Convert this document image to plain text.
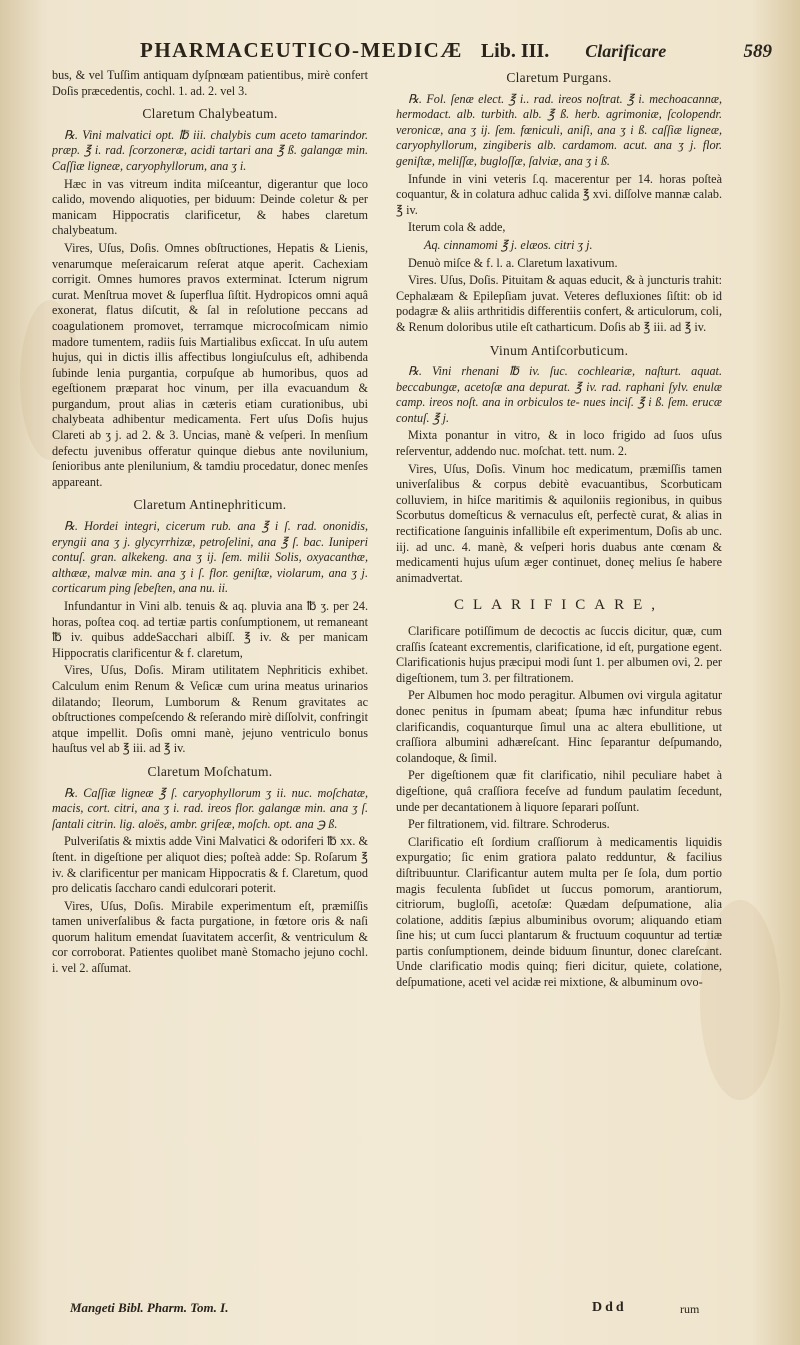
PHARMACEUTICO-MEDICÆ Lib. III. Clarificare	589

bus, & vel Tuſſim antiquam dyſpnœam patientibus, mirè confert Doſis præcedentis, cochl. 1. ad. 2. vel 3.

Claretum Chalybeatum.

℞. Vini malvatici opt. ℔ iii. chalybis cum aceto tamarindor. præp. ℥ i. rad. ſcorzoneræ, acidi tartari ana ℥ ß. galangæ min. Caſſiæ ligneæ, caryophyllorum, ana ʒ i.

Hæc in vas vitreum indita miſceantur, digerantur que loco calido, movendo aliquoties, per biduum: Deinde coletur & per manicam Hippocratis clarificetur, & habes claretum chalybeatum.

Vires, Uſus, Doſis. Omnes obſtructiones, Hepatis & Lienis, venarumque meſeraicarum reſerat atque aperit. Cachexiam corrigit. Omnes humores pravos exterminat. Icterum nigrum curat. Menſtrua movet & ſuperflua ſiſtit. Hydropicos omni aquâ exonerat, flatus diſcutit, & ſal in reſolutione peccans ad coagulationem promovet, terramque microcoſmicam nimio madore tumentem, radiis ſuis Martialibus exſiccat. In uſu autem hujus, qui in dictis illis affectibus longiuſculus eſt, adhibenda ſubinde lenia purgantia, corpuſque ab humoribus, quos ad egeſtionem præparat hoc vinum, per illa evacuandum & purgandum, prout alias in cæteris etiam curationibus, ubi chalybeata adhibentur medicamenta. Fert uſus Doſis hujus Clareti ab ʒ j. ad 2. & 3. Uncias, manè & veſperi. In menſium defectu juvenibus offeratur quinque diebus ante novilunium, ſenioribus ante plenilunium, & tamdiu procedatur, donec menſes appareant.

Claretum Antinephriticum.

℞. Hordei integri, cicerum rub. ana ℥ i ſ. rad. ononidis, eryngii ana ʒ j. glycyrrhizæ, petroſelini, ana ℥ ſ. bac. Iuniperi contuſ. gran. alkekeng. ana ʒ ij. ſem. milii Solis, oxyacanthæ, althææ, malvæ min. ana ʒ i ſ. flor. geniſtæ, violarum, ana ʒ j. corticarum ping ſebeſten, ana nu. ii.

Infundantur in Vini alb. tenuis & aq. pluvia ana ℔ ʒ. per 24. horas, poſtea coq. ad tertiæ partis conſumptionem, ut remaneant ℔ iv. quibus addeSacchari albiſſ. ℥ iv. & per manicam Hippocratis clarificentur & f. claretum,

Vires, Uſus, Doſis. Miram utilitatem Nephriticis exhibet. Calculum enim Renum & Veſicæ cum urina meatus urinarios dilatando; Ileorum, Lumborum & Renum gravitates ac obſtructiones compeſcendo & reſerando mirè diſſolvit, confringit atque impellit. Doſis omni manè, jejuno ventriculo bonus hauſtus vel ab ℥ iii. ad ℥ iv.

Claretum Moſchatum.

℞. Caſſiæ ligneæ ℥ ſ. caryophyllorum ʒ ii. nuc. moſchatæ, macis, cort. citri, ana ʒ i. rad. ireos flor. galangæ min. ana ʒ ſ. ſantali citrin. lig. aloës, ambr. griſeæ, moſch. opt. ana ℈ ß.

Pulveriſatis & mixtis adde Vini Malvatici & odoriferi ℔ xx. & ſtent. in digeſtione per aliquot dies; poſteà adde: Sp. Roſarum ℥ iv. & clarificentur per manicam Hippocratis & f. Claretum, quod pro delicatis ſaccharo candi edulcorari poterit.

Vires, Uſus, Doſis. Mirabile experimentum eſt, præmiſſis tamen univerſalibus & facta purgatione, in fœtore oris & naſi quorum halitum emendat ſuavitatem accerſit, & ventriculum & cor corroborat. Patientes quolibet manè Stomacho jejuno cochl. i. vel 2. aſſumat.

Claretum Purgans.

℞. Fol. ſenæ elect. ℥ i.. rad. ireos noſtrat. ℥ i. mechoacannæ, hermodact. alb. turbith. alb. ℥ ß. herb. agrimoniæ, ſcolopendr. veronicæ, ana ʒ ij. ſem. fœniculi, aniſi, ana ʒ i ß. caſſiæ ligneæ, caryophyllorum, zingiberis alb. cardamom. acut. ana ʒ j. flor. geniſtæ, meliſſæ, bugloſſæ, ſalviæ, ana ʒ i ß.

Infunde in vini veteris ſ.q. macerentur per 14. horas poſteà coquantur, & in colatura adhuc calida ℥ xvi. diſſolve mannæ calab. ℥ iv.

Iterum cola & adde,

Aq. cinnamomi ℥ j. elæos. citri ʒ j.

Denuò miſce & f. l. a. Claretum laxativum.

Vires. Uſus, Doſis. Pituitam & aquas educit, & à juncturis trahit: Cephalæam & Epilepſiam juvat. Veteres defluxiones ſiſtit: ob id podagræ & aliis arthritidis differentiis confert, & articulorum, coli, & Renum doloribus utile eſt catharticum. Doſis ab ℥ iii. ad ℥ iv.

Vinum Antiſcorbuticum.

℞. Vini rhenani ℔ iv. ſuc. cochleariæ, naſturt. aquat. beccabungæ, acetoſæ ana depurat. ℥ iv. rad. raphani ſylv. enulæ camp. ireos noſt. ana in orbiculos te- nues inciſ. ℥ i ß. ſem. erucæ contuſ. ℥ j.

Mixta ponantur in vitro, & in loco frigido ad ſuos uſus reſerventur, addendo nuc. moſchat. tett. num. 2.

Vires, Uſus, Doſis. Vinum hoc medicatum, præmiſſis tamen univerſalibus & corpus debitè evacuantibus, Scorbuticam colluviem, in hiſce maritimis & aquiloniis regionibus, in quibus Scorbutus domeſticus & vernaculus eſt, perfectè curat, & alias in rectificatione ſanguinis infallibile eſt experimentum, Doſis ab unc. iij. ad unc. 4. manè, & veſperi horis duabus ante cœnam & medicamenti hujus uſum æger continuet, doneç melius ſe habere animadvertat.

CLARIFICARE,

Clarificare potiſſimum de decoctis ac ſuccis dicitur, quæ, cum craſſis ſcateant excrementis, clarificatione, id eſt, purgatione egent. Clarificationis hujus præcipui modi ſunt 1. per albumen ovi, 2. per digeſtionem, tum 3. per filtrationem.

Per Albumen hoc modo peragitur. Albumen ovi virgula agitatur donec penitus in ſpumam abeat; ſpuma hæc infunditur rebus clarificandis, coquanturque ſimul una ac altera ebullitione, ut craſſiora albumini adhæreſcant. Hinc ſeparantur deſpumando, colandoque, & ſimil.

Per digeſtionem quæ fit clarificatio, nihil peculiare habet à digeſtione, quâ craſſiora feceſve ad fundum paulatim ſecedunt, unde per decantationem à liquore ſeparari poſſunt.

Per filtrationem, vid. filtrare. Schroderus.

Clarificatio eſt ſordium craſſiorum à medicamentis liquidis expurgatio; ſic enim gratiora palato redduntur, & facilius diſtribuuntur. Clarificantur autem multa per ſe ſola, dum portio magis feculenta ſubſidet ut ſuccus pomorum, arantiorum, citriorum, bugloſſi, acetoſæ: Quædam deſpumatione, alia colatione, additis ſæpius albuminibus ovorum; aliquando etiam ſine his; ut cum ſucci plantarum & fructuum coquuntur ad tertiæ partis conſumptionem, deinde biduum ſinuntur, donec clareſcant. Unde clarificatio modis quinq; fieri dicitur, quiete, colatione, deſpumatione, aceti vel acidæ rei mixtione, & albuminum ovo-

Mangeti Bibl. Pharm. Tom. I.	Ddd	rum
